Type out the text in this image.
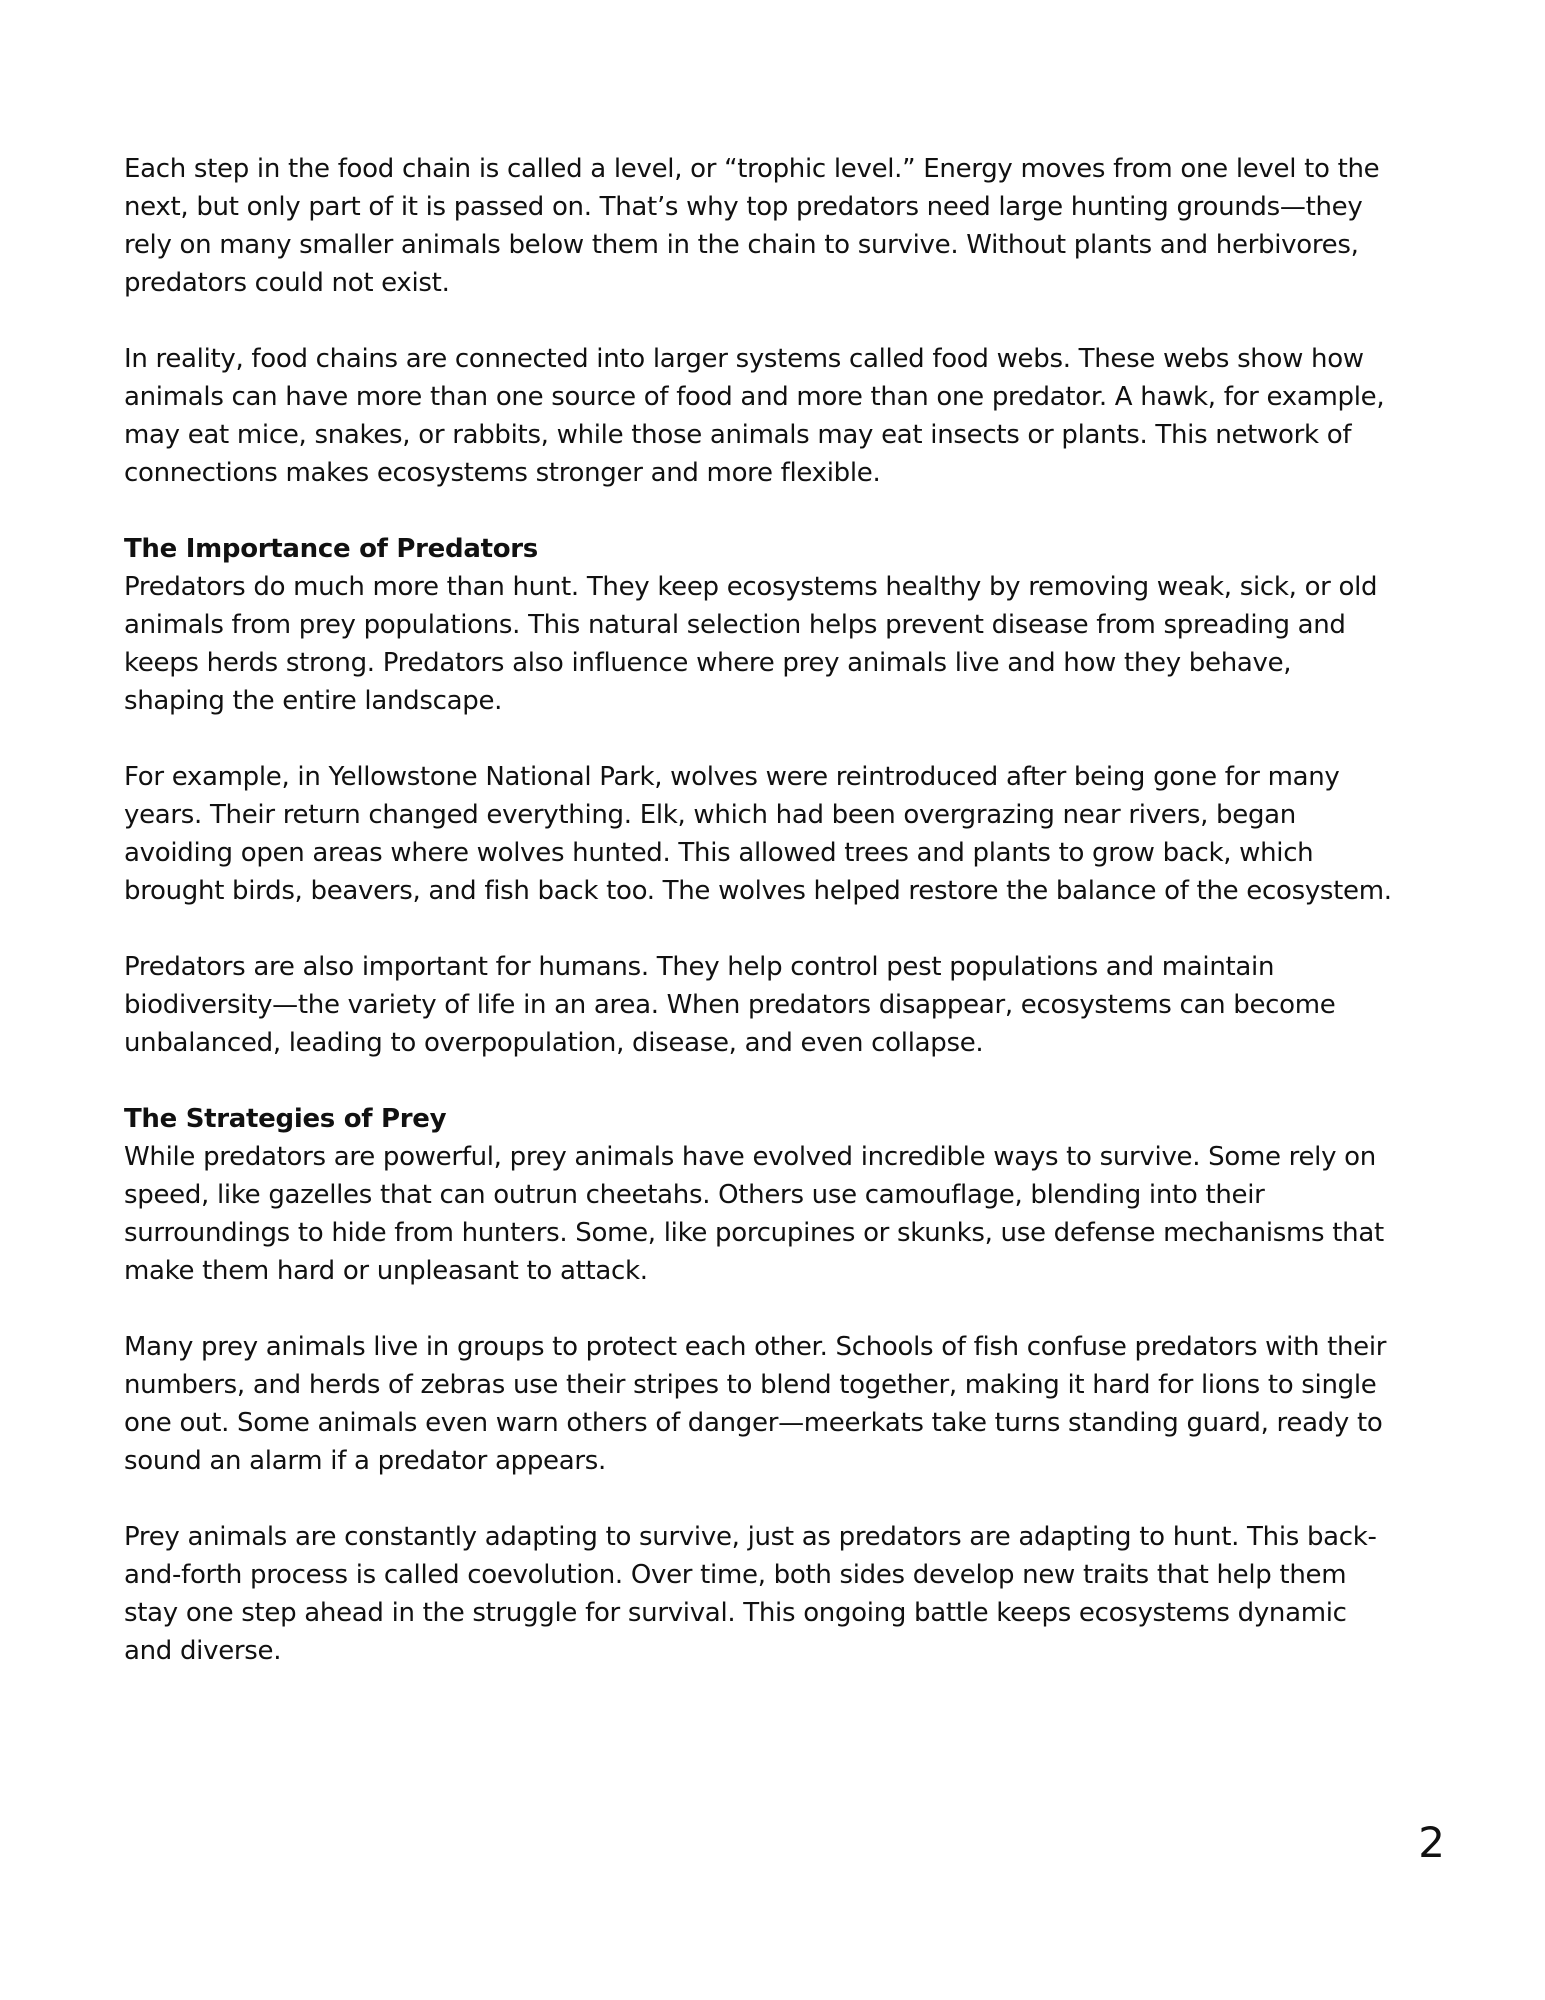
Each step in the food chain is called a level, or “trophic level.” Energy moves from one level to the next, but only part of it is passed on. That’s why top predators need large hunting grounds—they rely on many smaller animals below them in the chain to survive. Without plants and herbivores, predators could not exist.

In reality, food chains are connected into larger systems called food webs. These webs show how animals can have more than one source of food and more than one predator. A hawk, for example, may eat mice, snakes, or rabbits, while those animals may eat insects or plants. This network of connections makes ecosystems stronger and more flexible.

The Importance of Predators

Predators do much more than hunt. They keep ecosystems healthy by removing weak, sick, or old animals from prey populations. This natural selection helps prevent disease from spreading and keeps herds strong. Predators also influence where prey animals live and how they behave, shaping the entire landscape.

For example, in Yellowstone National Park, wolves were reintroduced after being gone for many years. Their return changed everything. Elk, which had been overgrazing near rivers, began avoiding open areas where wolves hunted. This allowed trees and plants to grow back, which brought birds, beavers, and fish back too. The wolves helped restore the balance of the ecosystem.

Predators are also important for humans. They help control pest populations and maintain biodiversity—the variety of life in an area. When predators disappear, ecosystems can become unbalanced, leading to overpopulation, disease, and even collapse.

The Strategies of Prey

While predators are powerful, prey animals have evolved incredible ways to survive. Some rely on speed, like gazelles that can outrun cheetahs. Others use camouflage, blending into their surroundings to hide from hunters. Some, like porcupines or skunks, use defense mechanisms that make them hard or unpleasant to attack.

Many prey animals live in groups to protect each other. Schools of fish confuse predators with their numbers, and herds of zebras use their stripes to blend together, making it hard for lions to single one out. Some animals even warn others of danger—meerkats take turns standing guard, ready to sound an alarm if a predator appears.

Prey animals are constantly adapting to survive, just as predators are adapting to hunt. This back-and-forth process is called coevolution. Over time, both sides develop new traits that help them stay one step ahead in the struggle for survival. This ongoing battle keeps ecosystems dynamic and diverse.

2
